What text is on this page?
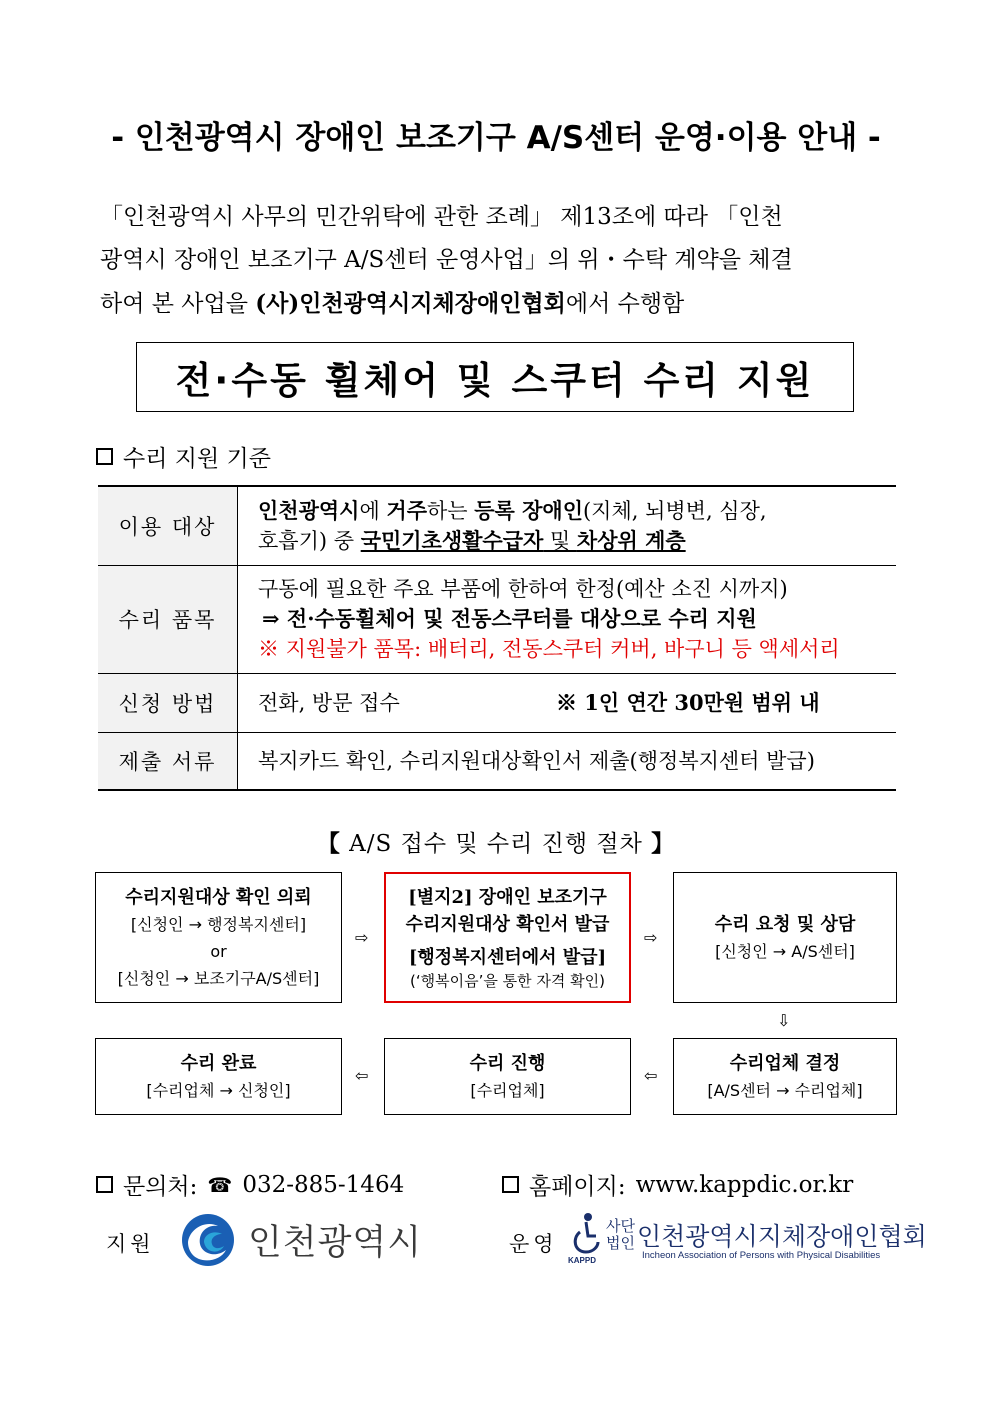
- 인천광역시 장애인 보조기구 A/S센터 운영·이용 안내 -
「인천광역시 사무의 민간위탁에 관한 조례」 제13조에 따라 「인천
광역시 장애인 보조기구 A/S센터 운영사업」의 위・수탁 계약을 체결
하여 본 사업을 (사)인천광역시지체장애인협회에서 수행함
전·수동 휠체어 및 스쿠터 수리 지원
수리 지원 기준
이용 대상	인천광역시에 거주하는 등록 장애인(지체, 뇌병변, 심장,
호흡기) 중 국민기초생활수급자 및 차상위 계층

수리 품목	구동에 필요한 주요 부품에 한하여 한정(예산 소진 시까지)
⇒ 전·수동휠체어 및 전동스쿠터를 대상으로 수리 지원
※ 지원불가 품목: 배터리, 전동스쿠터 커버, 바구니 등 액세서리

신청 방법	전화, 방문 접수 ※ 1인 연간 30만원 범위 내

제출 서류	복지카드 확인, 수리지원대상확인서 제출(행정복지센터 발급)
【 A/S 접수 및 수리 진행 절차 】
수리지원대상 확인 의뢰
[신청인 → 행정복지센터]
or
[신청인 → 보조기구A/S센터]
[별지2] 장애인 보조기구
수리지원대상 확인서 발급
[행정복지센터에서 발급]
(‘행복이음’을 통한 자격 확인)
수리 요청 및 상담
[신청인 → A/S센터]
수리업체 결정
[A/S센터 → 수리업체]
수리 진행
[수리업체]
수리 완료
[수리업체 → 신청인]
⇨	⇨
⇩
⇦
⇦
문의처: ☎ 032-885-1464	홈페이지: www.kappdic.or.kr
지원	인천광역시	운영
KAPPD
사단
법인 인천광역시지체장애인협회
Incheon Association of Persons with Physical Disabilities
